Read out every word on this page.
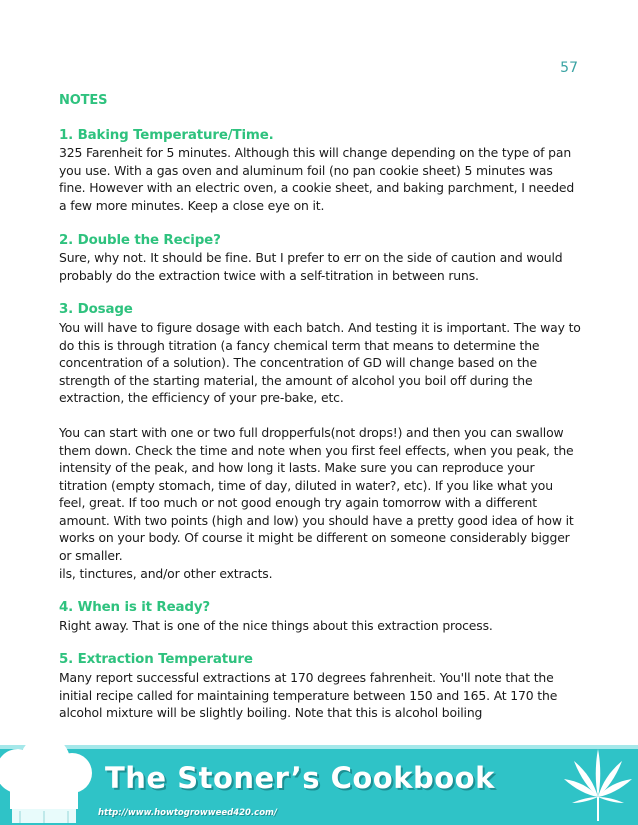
57
NOTES
1. Baking Temperature/Time.

325 Farenheit for 5 minutes. Although this will change depending on the type of pan you use. With a gas oven and aluminum foil (no pan cookie sheet) 5 minutes was fine. However with an electric oven, a cookie sheet, and baking parchment, I needed a few more minutes. Keep a close eye on it.

2. Double the Recipe?

Sure, why not. It should be fine. But I prefer to err on the side of caution and would probably do the extraction twice with a self-titration in between runs.

3. Dosage

You will have to figure dosage with each batch. And testing it is important. The way to do this is through titration (a fancy chemical term that means to determine the concentration of a solution). The concentration of GD will change based on the strength of the starting material, the amount of alcohol you boil off during the extraction, the efficiency of your pre-bake, etc.

You can start with one or two full dropperfuls(not drops!) and then you can swallow them down. Check the time and note when you first feel effects, when you peak, the intensity of the peak, and how long it lasts. Make sure you can reproduce your titration (empty stomach, time of day, diluted in water?, etc). If you like what you feel, great. If too much or not good enough try again tomorrow with a different amount. With two points (high and low) you should have a pretty good idea of how it works on your body. Of course it might be different on someone considerably bigger or smaller.

ils, tinctures, and/or other extracts.

4. When is it Ready?

Right away. That is one of the nice things about this extraction process.

5. Extraction Temperature

Many report successful extractions at 170 degrees fahrenheit. You'll note that the initial recipe called for maintaining temperature between 150 and 165. At 170 the alcohol mixture will be slightly boiling. Note that this is alcohol boiling

The Stoner’s Cookbook
http://www.howtogrowweed420.com/
